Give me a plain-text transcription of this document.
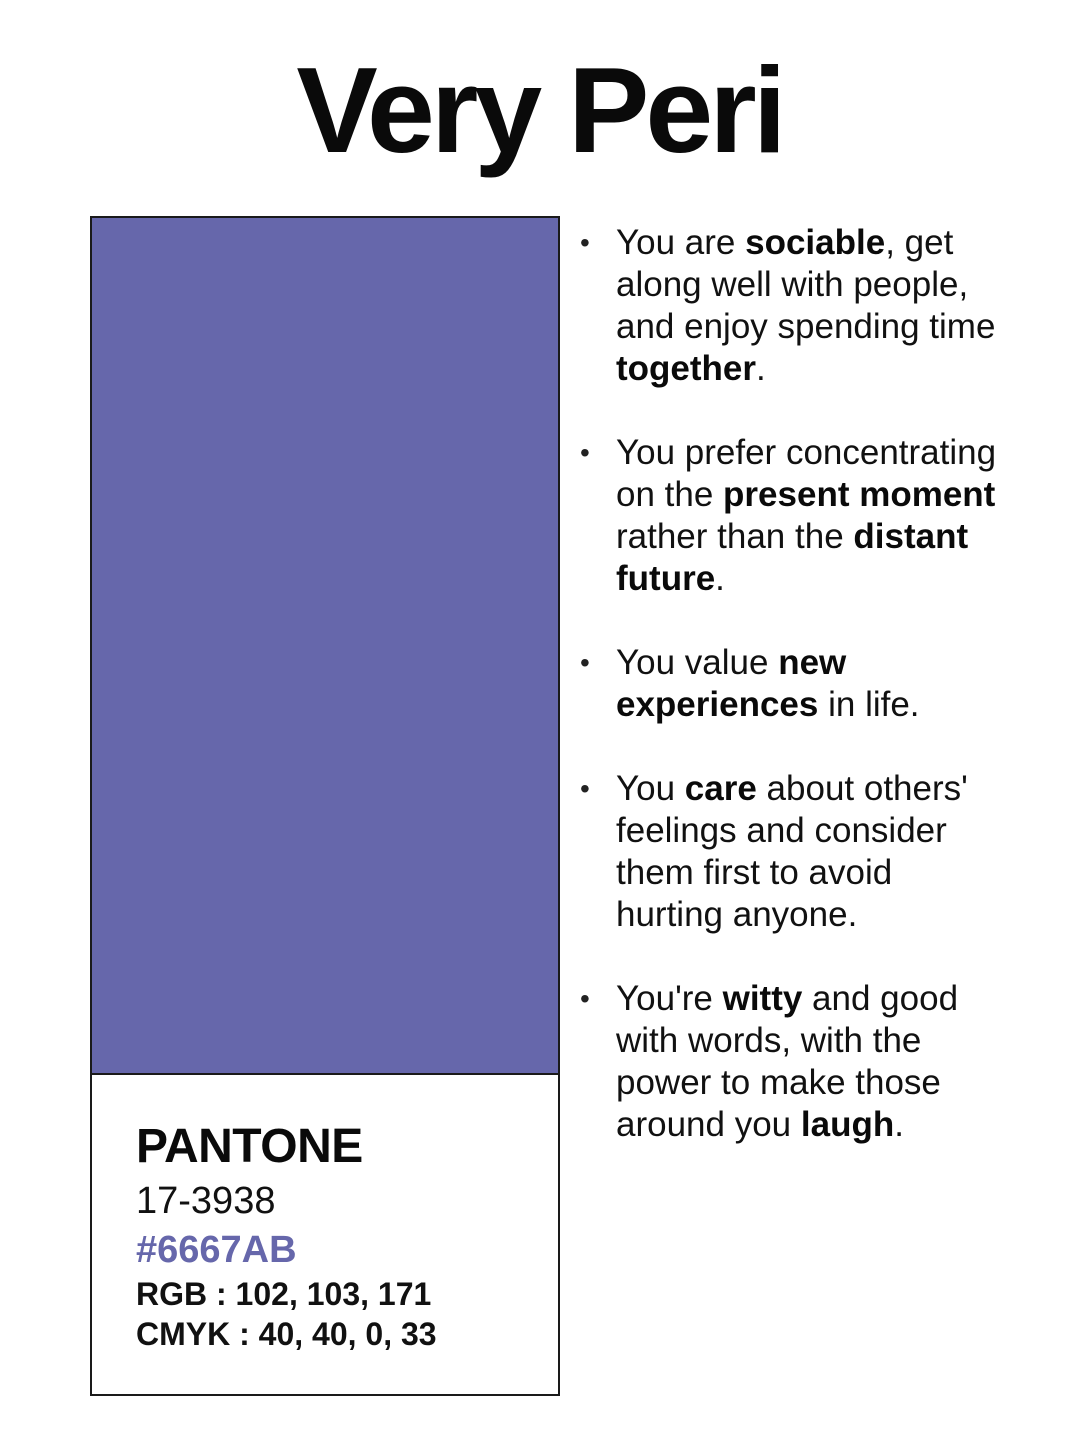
Very Peri
PANTONE
17-3938
#6667AB
RGB : 102, 103, 171
CMYK : 40, 40, 0, 33
• You are sociable, get along well with people, and enjoy spending time together.
• You prefer concentrating on the present moment rather than the distant future.
• You value new experiences in life.
• You care about others' feelings and consider them first to avoid hurting anyone.
• You're witty and good with words, with the power to make those around you laugh.
